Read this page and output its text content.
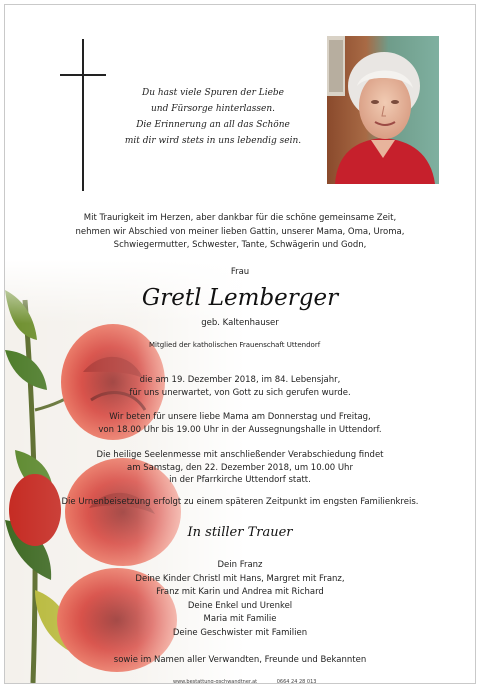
Du hast viele Spuren der Liebe
und Fürsorge hinterlassen.
Die Erinnerung an all das Schöne
mit dir wird stets in uns lebendig sein.
Mit Traurigkeit im Herzen, aber dankbar für die schöne gemeinsame Zeit,
nehmen wir Abschied von meiner lieben Gattin, unserer Mama, Oma, Uroma,
Schwiegermutter, Schwester, Tante, Schwägerin und Godn,
Frau
Gretl Lemberger
geb. Kaltenhauser
Mitglied der katholischen Frauenschaft Uttendorf
die am 19. Dezember 2018, im 84. Lebensjahr,
für uns unerwartet, von Gott zu sich gerufen wurde.
Wir beten für unsere liebe Mama am Donnerstag und Freitag,
von 18.00 Uhr bis 19.00 Uhr in der Aussegnungshalle in Uttendorf.
Die heilige Seelenmesse mit anschließender Verabschiedung findet
am Samstag, den 22. Dezember 2018, um 10.00 Uhr
in der Pfarrkirche Uttendorf statt.
Die Urnenbeisetzung erfolgt zu einem späteren Zeitpunkt im engsten Familienkreis.
In stiller Trauer
Dein Franz
Deine Kinder Christl mit Hans, Margret mit Franz,
Franz mit Karin und Andrea mit Richard
Deine Enkel und Urenkel
Maria mit Familie
Deine Geschwister mit Familien

sowie im Namen aller Verwandten, Freunde und Bekannten
www.bestattung-gschwandtner.at	0664 24 28 013
